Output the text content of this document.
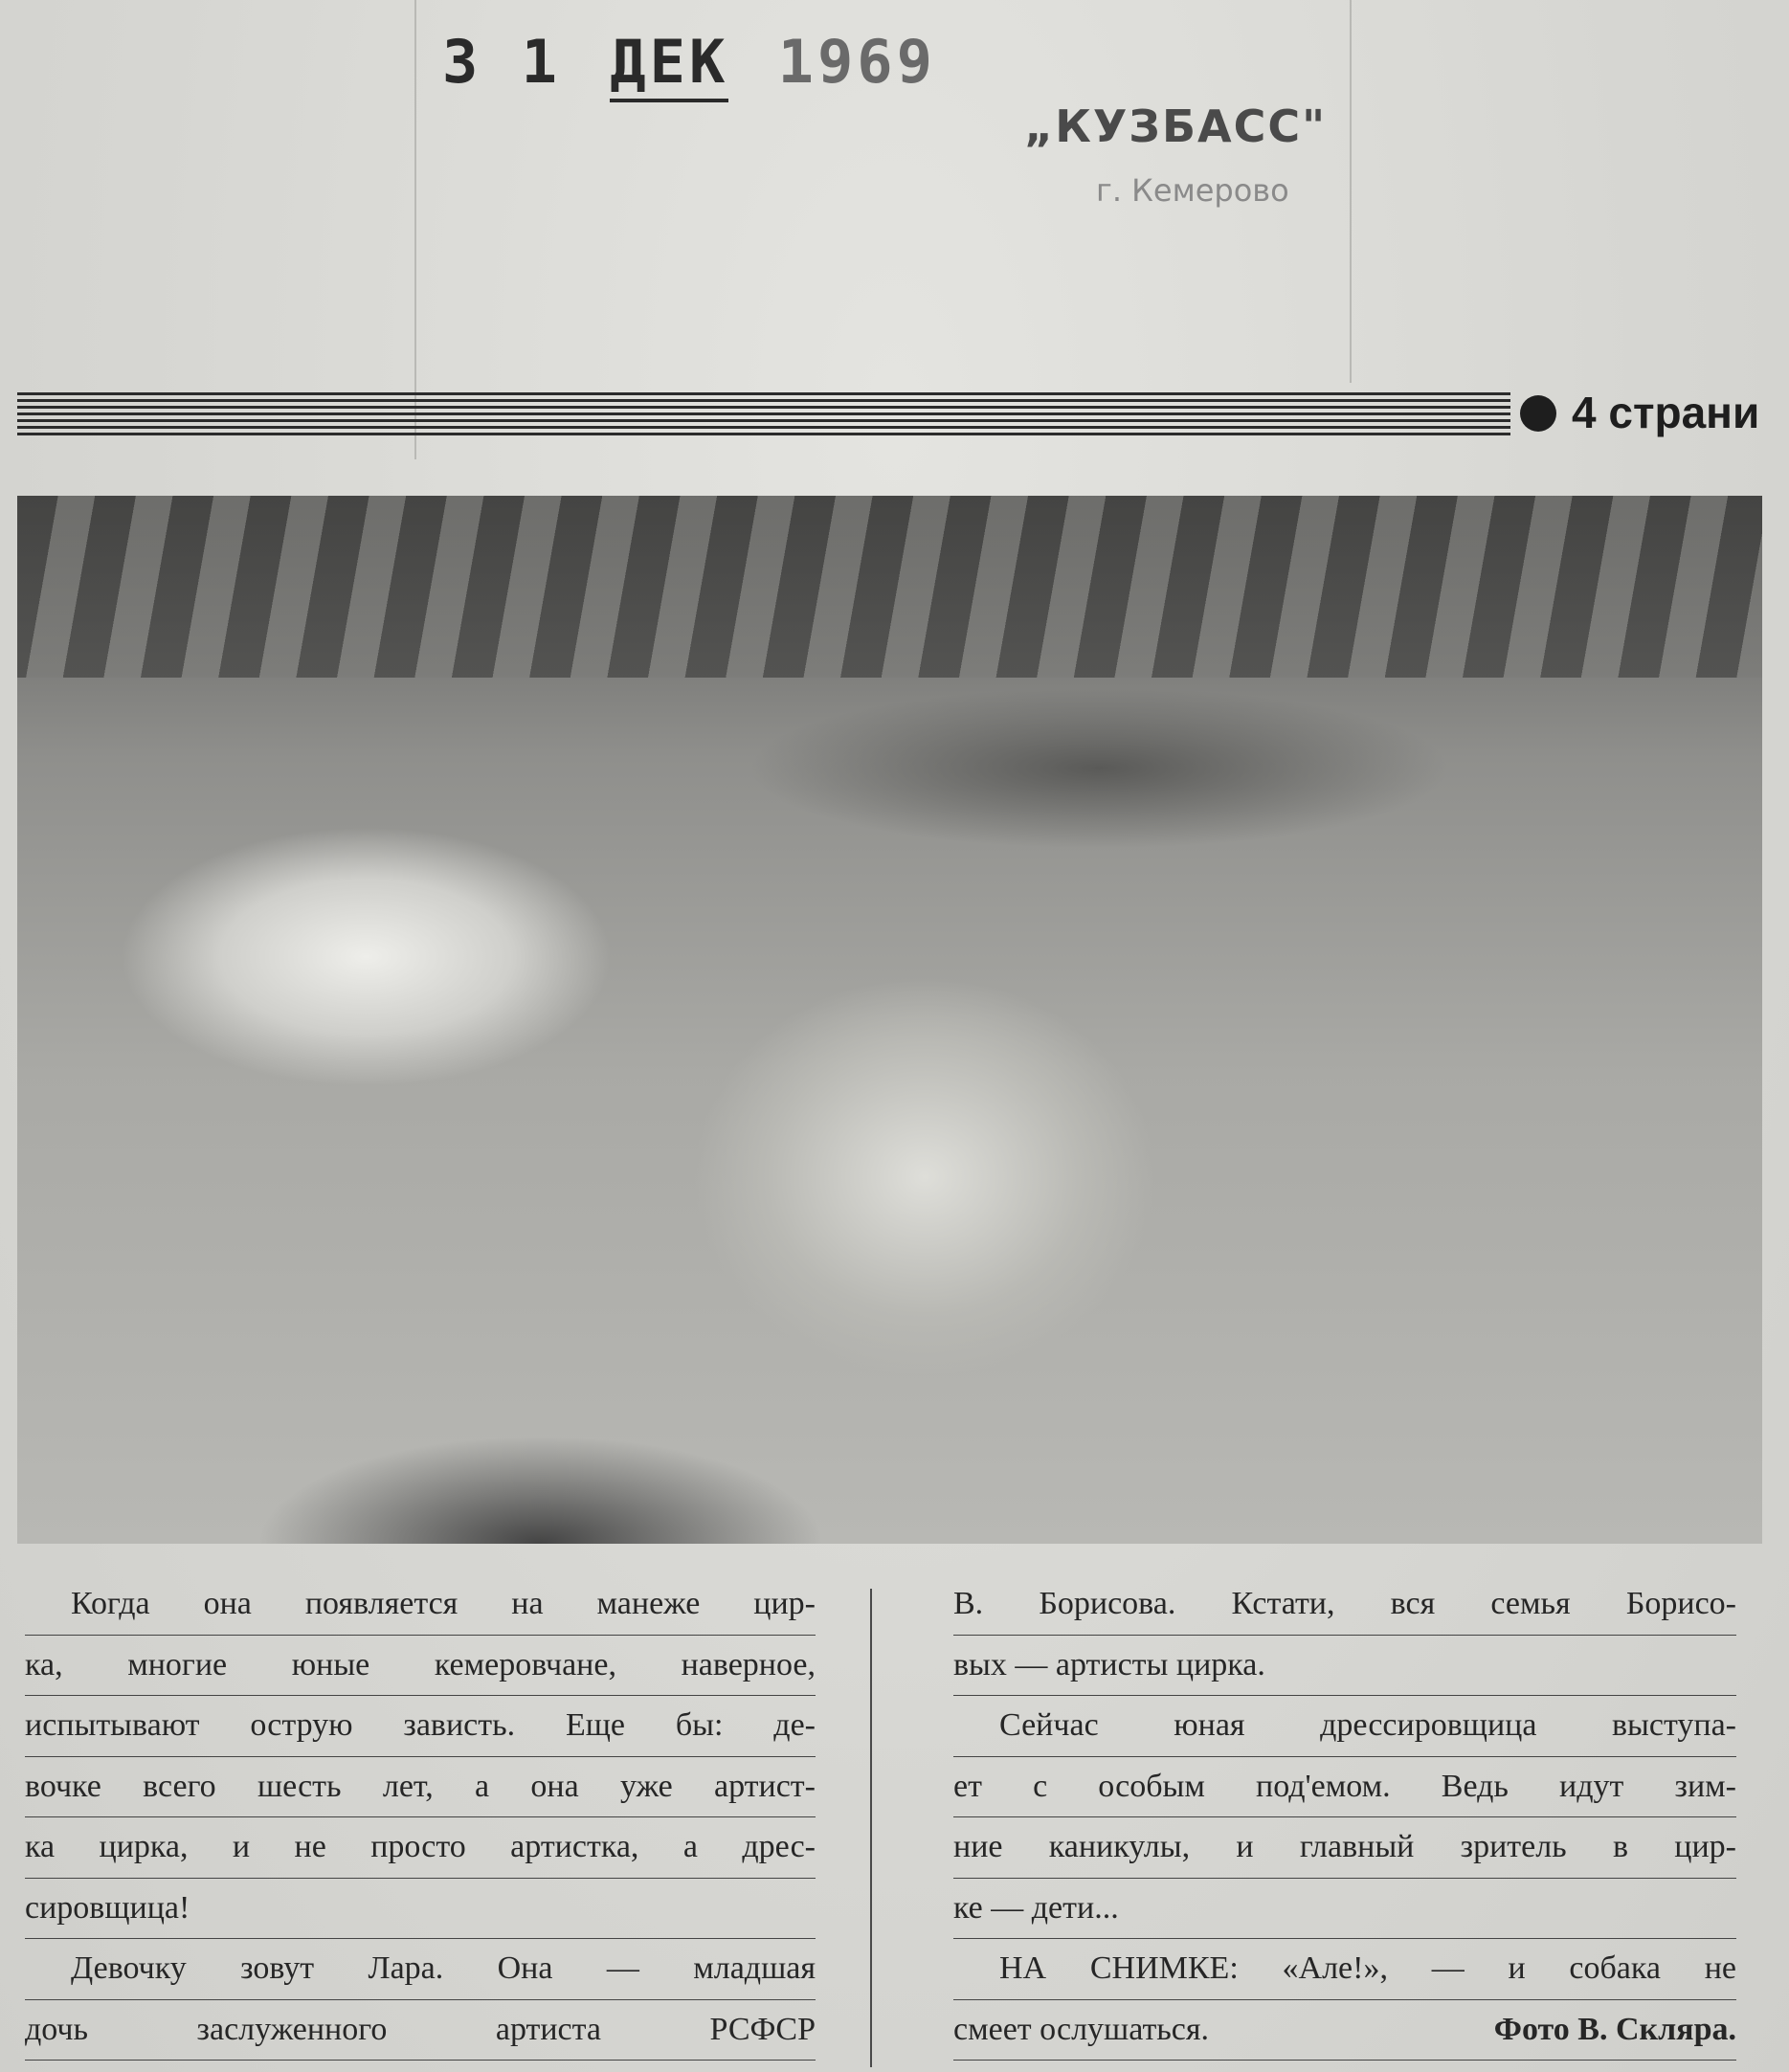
3 1 ДЕК 1969
„КУЗБАСС"
г. Кемерово
4 страни

Когда она появляется на манеже цир-

ка, многие юные кемеровчане, наверное,

испытывают острую зависть. Еще бы: де-

вочке всего шесть лет, а она уже артист-

ка цирка, и не просто артистка, а дрес-

сировщица!

Девочку зовут Лара. Она — младшая

дочь заслуженного артиста РСФСР

В. Борисова. Кстати, вся семья Борисо-

вых — артисты цирка.

Сейчас юная дрессировщица выступа-

ет с особым под'емом. Ведь идут зим-

ние каникулы, и главный зритель в цир-

ке — дети...

НА СНИМКЕ: «Але!», — и собака не

смеет ослушаться.	Фото В. Скляра.
